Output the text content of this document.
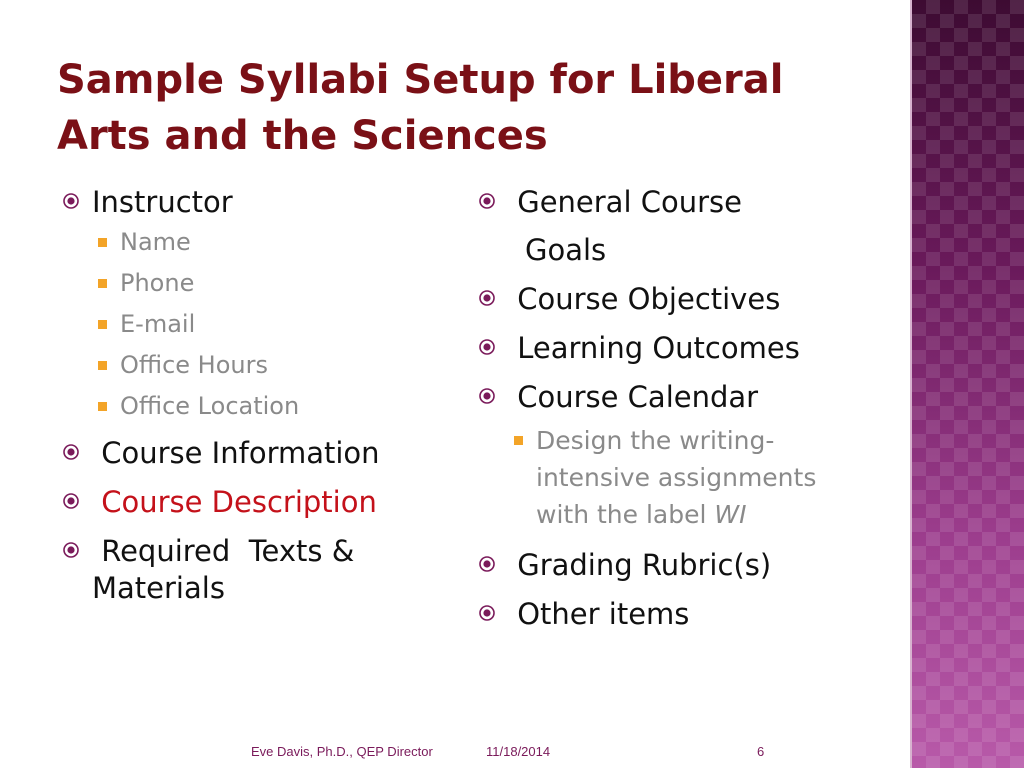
Sample Syllabi Setup for Liberal
Arts and the Sciences
Instructor
Name
Phone
E-mail
Office Hours
Office Location
Course Information
Course Description
Required  Texts &
Materials
General Course
Goals
Course Objectives
Learning Outcomes
Course Calendar
Design the writing-intensive assignments with the label WI
Grading Rubric(s)
Other items
Eve Davis, Ph.D., QEP Director	11/18/2014	6
